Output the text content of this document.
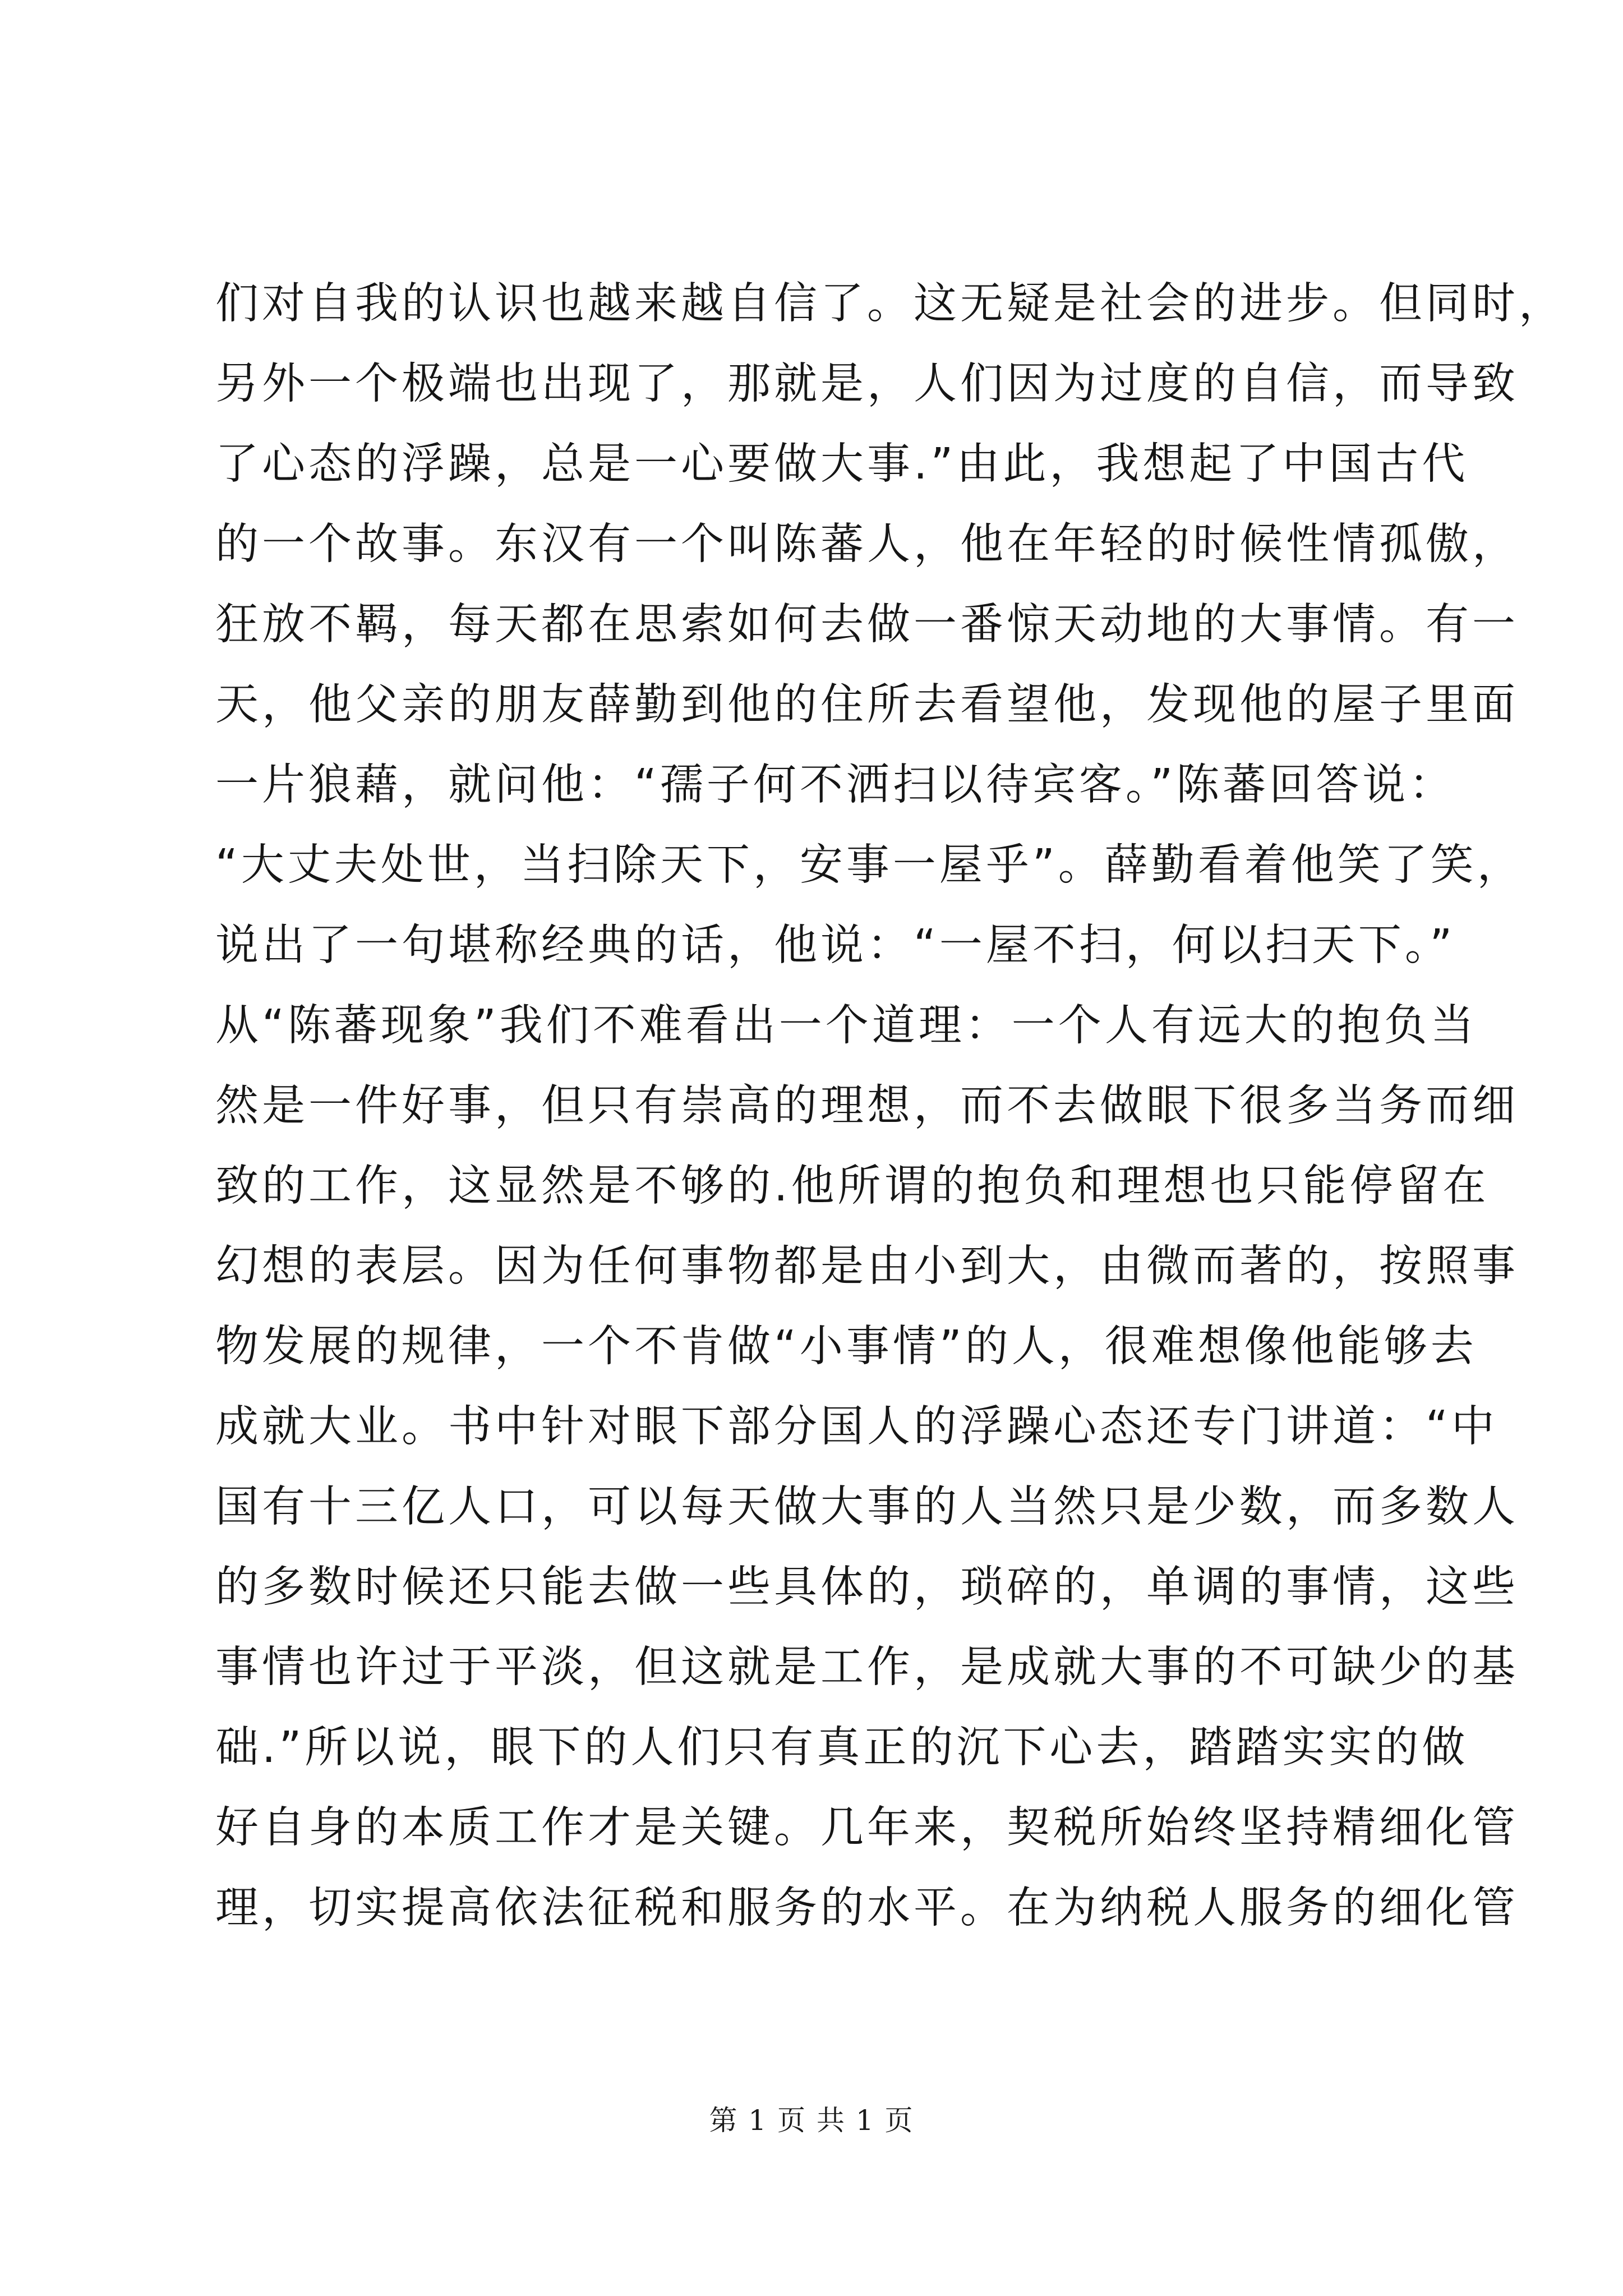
们对自我的认识也越来越自信了。这无疑是社会的进步。但同时，
另外一个极端也出现了，那就是，人们因为过度的自信，而导致
了心态的浮躁，总是一心要做大事.”由此，我想起了中国古代
的一个故事。东汉有一个叫陈蕃人，他在年轻的时候性情孤傲，
狂放不羁，每天都在思索如何去做一番惊天动地的大事情。有一
天，他父亲的朋友薛勤到他的住所去看望他，发现他的屋子里面
一片狼藉，就问他：“孺子何不洒扫以待宾客。”陈蕃回答说：
“大丈夫处世，当扫除天下，安事一屋乎”。薛勤看着他笑了笑，
说出了一句堪称经典的话，他说：“一屋不扫，何以扫天下。”
从“陈蕃现象”我们不难看出一个道理：一个人有远大的抱负当
然是一件好事，但只有崇高的理想，而不去做眼下很多当务而细
致的工作，这显然是不够的.他所谓的抱负和理想也只能停留在
幻想的表层。因为任何事物都是由小到大，由微而著的，按照事
物发展的规律，一个不肯做“小事情”的人，很难想像他能够去
成就大业。书中针对眼下部分国人的浮躁心态还专门讲道：“中
国有十三亿人口，可以每天做大事的人当然只是少数，而多数人
的多数时候还只能去做一些具体的，琐碎的，单调的事情，这些
事情也许过于平淡，但这就是工作，是成就大事的不可缺少的基
础.”所以说，眼下的人们只有真正的沉下心去，踏踏实实的做
好自身的本质工作才是关键。几年来，契税所始终坚持精细化管
理，切实提高依法征税和服务的水平。在为纳税人服务的细化管
第 1 页 共 1 页
